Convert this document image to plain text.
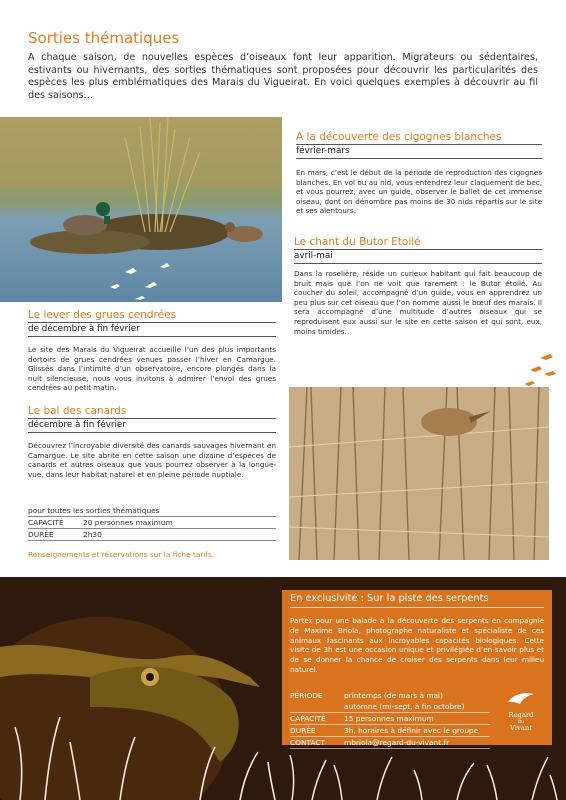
Sorties thématiques
A chaque saison, de nouvelles espèces d’oiseaux font leur apparition. Migrateurs ou sédentaires, estivants ou hivernants, des sorties thématiques sont proposées pour découvrir les particularités des espèces les plus emblématiques des Marais du Vigueirat. En voici quelques exemples à découvrir au fil des saisons…
A la découverte des cigognes blanches
février-mars
En mars, c’est le début de la période de reproduction des cigognes blanches. En vol ou au nid, vous entendrez leur claquement de bec, et vous pourrez, avec un guide, observer le ballet de cet immense oiseau, dont on dénombre pas moins de 30 nids répartis sur le site et ses alentours.
Le chant du Butor Etoilé
avril-mai
Dans la roselière, réside un curieux habitant qui fait beaucoup de bruit mais que l’on ne voit que rarement : le Butor étoilé. Au coucher du soleil, accompagné d’un guide, vous en apprendrez un peu plus sur cet oiseau que l’on nomme aussi le bœuf des marais. Il sera accompagné d’une multitude d’autres oiseaux qui se reproduisent eux aussi sur le site en cette saison et qui sont, eux, moins timides.
Le lever des grues cendrées
de décembre à fin février
Le site des Marais du Vigueirat accueille l’un des plus importants dortoirs de grues cendrées venues passer l’hiver en Camargue. Glissés dans l’intimité d’un observatoire, encore plongés dans la nuit silencieuse, nous vous invitons à admirer l’envol des grues cendrées au petit matin.
Le bal des canards
décembre à fin février
Découvrez l’incroyable diversité des canards sauvages hivernant en Camargue. Le site abrite en cette saison une dizaine d’espèces de canards et autres oiseaux que vous pourrez observer à la longue-vue, dans leur habitat naturel et en pleine période nuptiale.
pour toutes les sorties thématiques	
CAPACITÉ	20 personnes maximum
DURÉE	2h30
Renseignements et réservations sur la fiche tarifs.
En exclusivité : Sur la piste des serpents
Partez pour une balade à la découverte des serpents en compagnie de Maxime Briola, photographe naturaliste et spécialiste de ces animaux fascinants aux incroyables capacités biologiques. Cette visite de 3h est une occasion unique et privilégiée d’en savoir plus et de se donner la chance de croiser des serpents dans leur milieu naturel.
PÉRIODE	printemps (de mars à mai)
	automne (mi-sept. à fin octobre)
CAPACITÉ	15 personnes maximum
DURÉE	3h, horaires à définir avec le groupe
CONTACT	mbriola@regard-du-vivant.fr
Regard
du
Vivant
